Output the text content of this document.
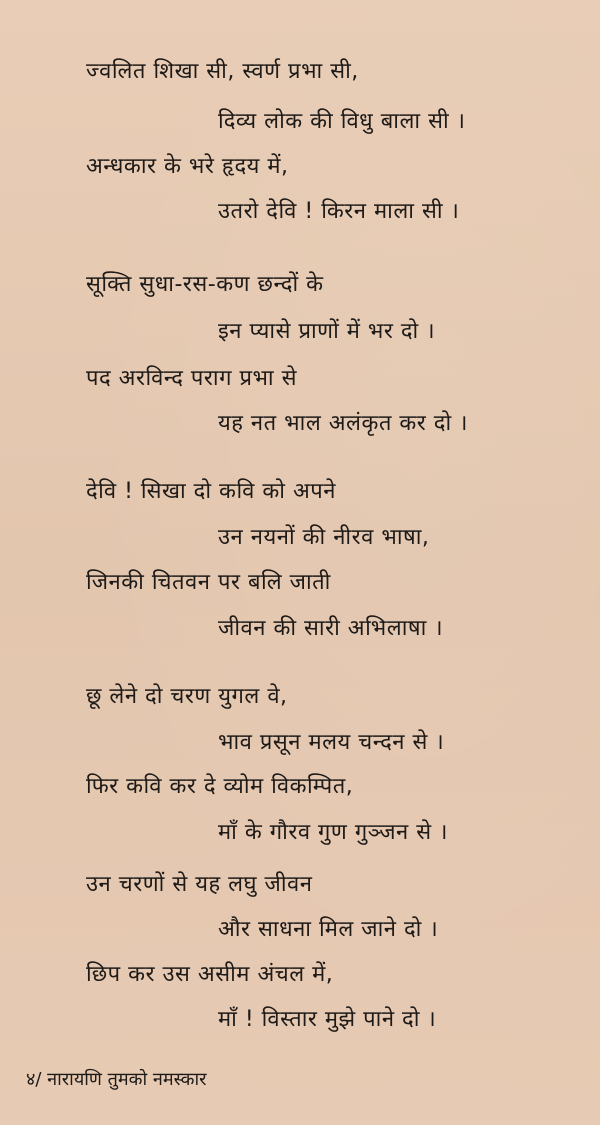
ज्वलित शिखा सी, स्वर्ण प्रभा सी,
दिव्य लोक की विधु बाला सी ।
अन्धकार के भरे हृदय में,
उतरो देवि ! किरन माला सी ।
सूक्ति सुधा-रस-कण छन्दों के
इन प्यासे प्राणों में भर दो ।
पद अरविन्द पराग प्रभा से
यह नत भाल अलंकृत कर दो ।
देवि ! सिखा दो कवि को अपने
उन नयनों की नीरव भाषा,
जिनकी चितवन पर बलि जाती
जीवन की सारी अभिलाषा ।
छू लेने दो चरण युगल वे,
भाव प्रसून मलय चन्दन से ।
फिर कवि कर दे व्योम विकम्पित,
माँ के गौरव गुण गुञ्जन से ।
उन चरणों से यह लघु जीवन
और साधना मिल जाने दो ।
छिप कर उस असीम अंचल में,
माँ ! विस्तार मुझे पाने दो ।
४/ नारायणि तुमको नमस्कार
